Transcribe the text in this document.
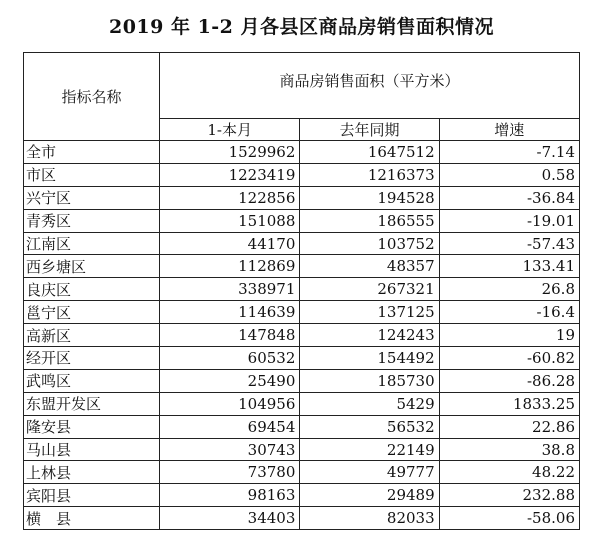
2019 年 1-2 月各县区商品房销售面积情况
指标名称	商品房销售面积（平方米）		
	1-本月	去年同期	增速
全市	1529962	1647512	-7.14
市区	1223419	1216373	0.58
兴宁区	122856	194528	-36.84
青秀区	151088	186555	-19.01
江南区	44170	103752	-57.43
西乡塘区	112869	48357	133.41
良庆区	338971	267321	26.8
邕宁区	114639	137125	-16.4
高新区	147848	124243	19
经开区	60532	154492	-60.82
武鸣区	25490	185730	-86.28
东盟开发区	104956	5429	1833.25
隆安县	69454	56532	22.86
马山县	30743	22149	38.8
上林县	73780	49777	48.22
宾阳县	98163	29489	232.88
横　县	34403	82033	-58.06
